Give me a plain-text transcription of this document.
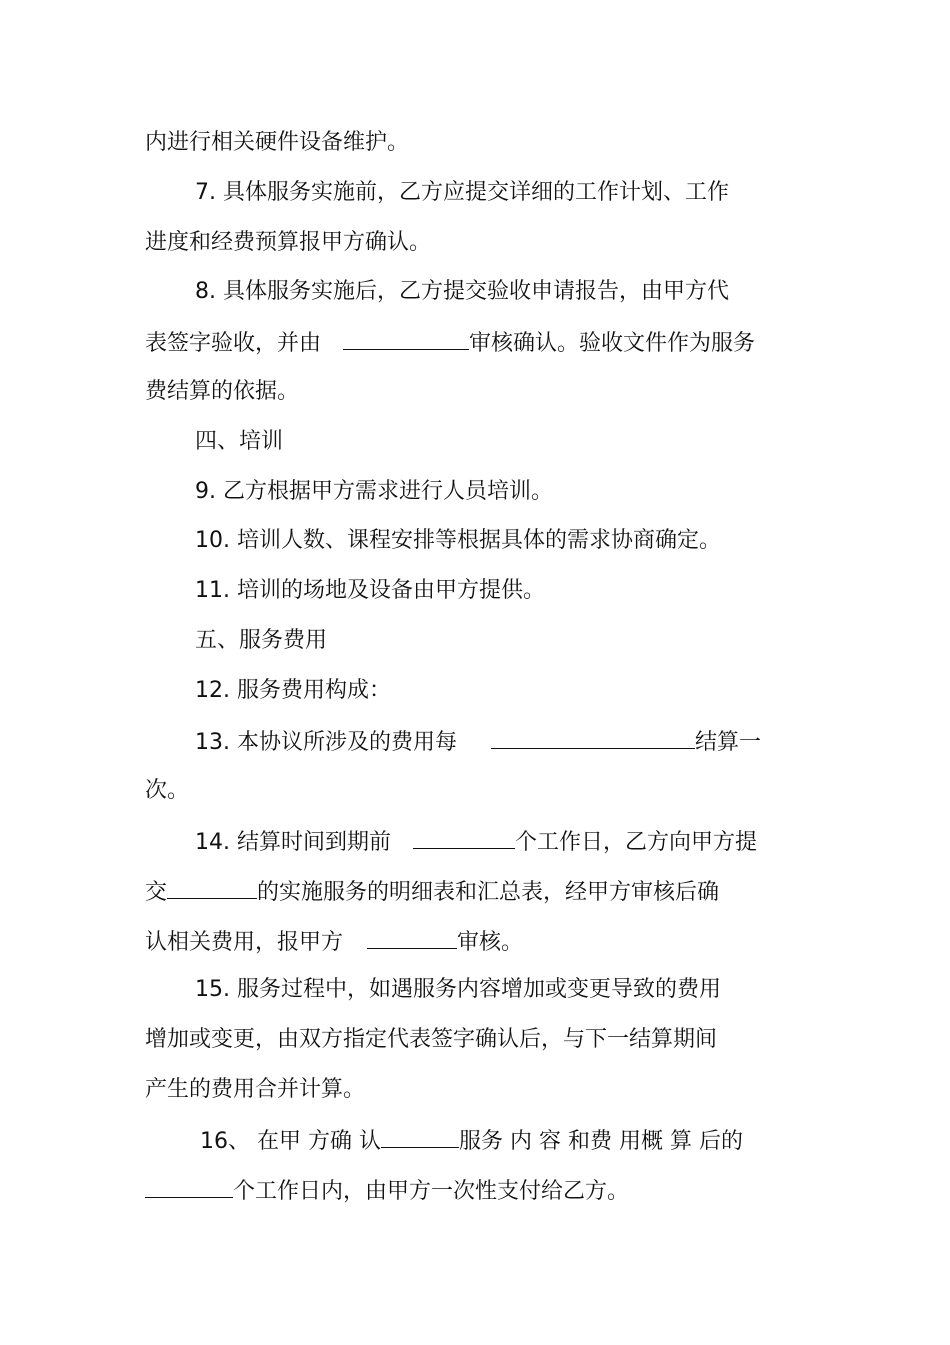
内进行相关硬件设备维护。
7. 具体服务实施前，乙方应提交详细的工作计划、工作
进度和经费预算报甲方确认。
8. 具体服务实施后，乙方提交验收申请报告，由甲方代
表签字验收，并由	审核确认。验收文件作为服务
费结算的依据。
四、培训
9. 乙方根据甲方需求进行人员培训。
10. 培训人数、课程安排等根据具体的需求协商确定。
11. 培训的场地及设备由甲方提供。
五、服务费用
12. 服务费用构成：
13. 本协议所涉及的费用每	结算一
次。
14. 结算时间到期前	个工作日，乙方向甲方提
交	的实施服务的明细表和汇总表，经甲方审核后确
认相关费用，报甲方	审核。
15. 服务过程中，如遇服务内容增加或变更导致的费用
增加或变更，由双方指定代表签字确认后，与下一结算期间
产生的费用合并计算。
16、 在甲 方确 认	服务 内 容 和费 用概 算 后的
个工作日内，由甲方一次性支付给乙方。
